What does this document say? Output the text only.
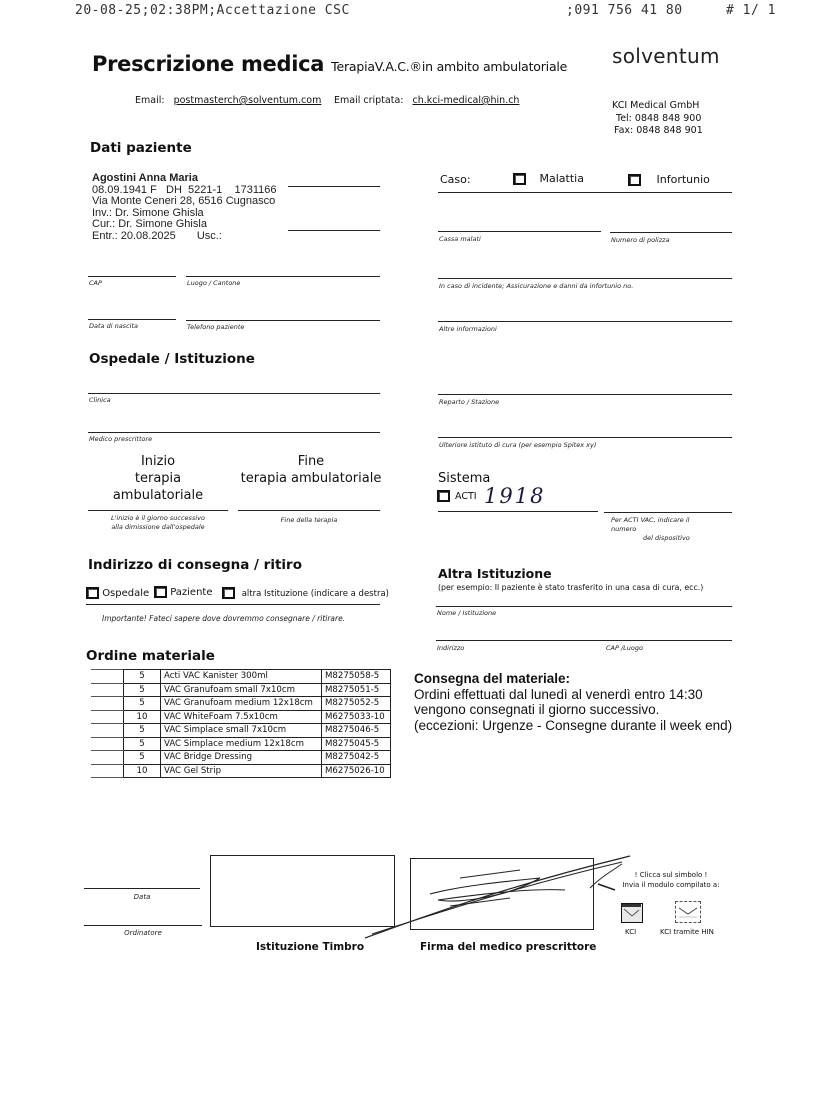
20-08-25;02:38PM;Accettazione CSC	;091 756 41 80	# 1/ 1
Prescrizione medica TerapiaV.A.C.®in ambito ambulatoriale solventum
Email: postmasterch@solventum.com Email criptata: ch.kci-medical@hin.ch	KCI Medical GmbH
Tel: 0848 848 900
Fax: 0848 848 901
Dati paziente
Agostini Anna Maria
08.09.1941 F   DH  5221-1    1731166
Via Monte Ceneri 28, 6516 Cugnasco
Inv.: Dr. Simone Ghisla
Cur.: Dr. Simone Ghisla
Entr.: 20.08.2025 Usc.:
CAP	Luogo / Cantone
Data di nascita	Telefono paziente
Caso:	Malattia	Infortunio
Cassa malati	Numero di polizza
In caso di incidente; Assicurazione e danni da infortunio no.
Altre informazioni
Ospedale / Istituzione
Clinica
Medico prescrittore
Reparto / Stazione
Ulteriore istituto di cura (per esempio Spitex xy)
Inizio
terapia ambulatoriale
Fine
terapia ambulatoriale
L'inizio è il giorno successivo
alla dimissione dall'ospedale
Fine della terapia
Sistema
ACTI 1918
Per ACTI VAC, indicare il
numero
del dispositivo
Indirizzo di consegna / ritiro
Ospedale	Paziente	altra Istituzione (indicare a destra)
Importante! Fateci sapere dove dovremmo consegnare / ritirare.
Altra Istituzione
(per esempio: Il paziente è stato trasferito in una casa di cura, ecc.)
Nome / Istituzione
Indirizzo	CAP /Luogo
Ordine materiale
	5	Acti VAC Kanister 300ml	M8275058-5
	5	VAC Granufoam small 7x10cm	M8275051-5
	5	VAC Granufoam medium 12x18cm	M8275052-5
	10	VAC WhiteFoam 7.5x10cm	M6275033-10
	5	VAC Simplace small 7x10cm	M8275046-5
	5	VAC Simplace medium 12x18cm	M8275045-5
	5	VAC Bridge Dressing	M8275042-5
	10	VAC Gel Strip	M6275026-10
Consegna del materiale:
Ordini effettuati dal lunedì al venerdì entro 14:30
vengono consegnati il giorno successivo.
(eccezioni: Urgenze - Consegne durante il week end)
Data
Ordinatore
Istituzione Timbro	Firma del medico prescrittore
! Clicca sul simbolo !
Invia il modulo compilato a:
KCI	KCI tramite HIN
